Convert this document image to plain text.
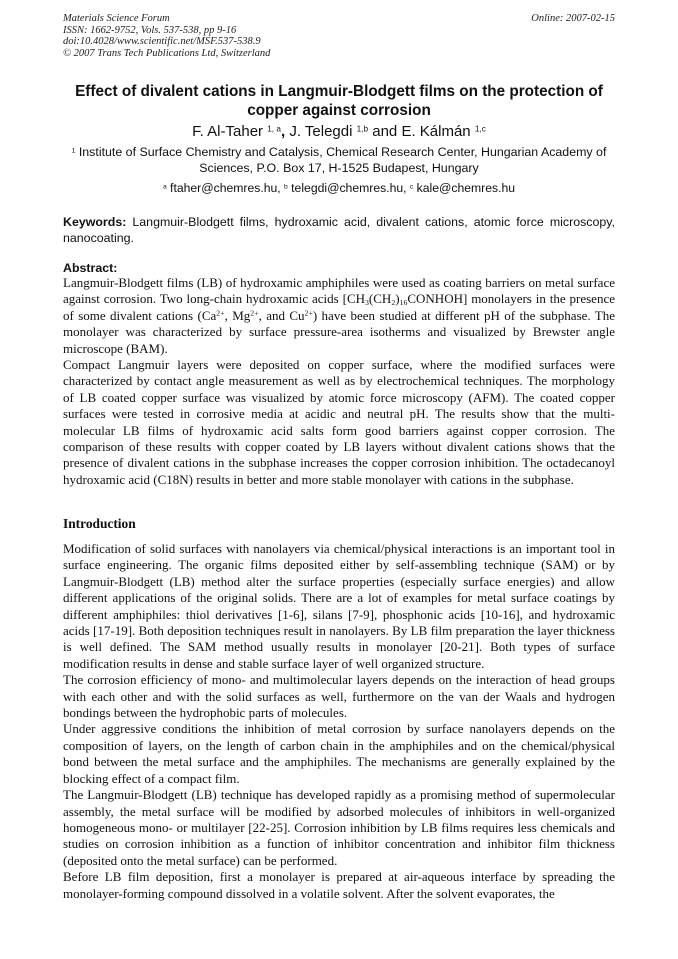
Materials Science Forum
ISSN: 1662-9752, Vols. 537-538, pp 9-16
doi:10.4028/www.scientific.net/MSF.537-538.9
© 2007 Trans Tech Publications Ltd, Switzerland
Online: 2007-02-15
Effect of divalent cations in Langmuir-Blodgett films on the protection of copper against corrosion
F. Al-Taher $^{1, a}$, J. Telegdi $^{1,b}$ and E. Kálmán $^{1,c}$
$^1$ Institute of Surface Chemistry and Catalysis, Chemical Research Center, Hungarian Academy of Sciences, P.O. Box 17, H-1525 Budapest, Hungary
$^a$ ftaher@chemres.hu, $^b$ telegdi@chemres.hu, $^c$ kale@chemres.hu
Keywords: Langmuir-Blodgett films, hydroxamic acid, divalent cations, atomic force microscopy, nanocoating.
Abstract:

Langmuir-Blodgett films (LB) of hydroxamic amphiphiles were used as coating barriers on metal surface against corrosion. Two long-chain hydroxamic acids $[CH_3(CH_2)_{16}CONHOH]$ monolayers in the presence of some divalent cations ($Ca^{2+}$, $Mg^{2+}$, and $Cu^{2+}$) have been studied at different pH of the subphase. The monolayer was characterized by surface pressure-area isotherms and visualized by Brewster angle microscope (BAM).

Compact Langmuir layers were deposited on copper surface, where the modified surfaces were characterized by contact angle measurement as well as by electrochemical techniques. The morphology of LB coated copper surface was visualized by atomic force microscopy (AFM). The coated copper surfaces were tested in corrosive media at acidic and neutral pH. The results show that the multi-molecular LB films of hydroxamic acid salts form good barriers against copper corrosion. The comparison of these results with copper coated by LB layers without divalent cations shows that the presence of divalent cations in the subphase increases the copper corrosion inhibition. The octadecanoyl hydroxamic acid (C18N) results in better and more stable monolayer with cations in the subphase.

Introduction

Modification of solid surfaces with nanolayers via chemical/physical interactions is an important tool in surface engineering. The organic films deposited either by self-assembling technique (SAM) or by Langmuir-Blodgett (LB) method alter the surface properties (especially surface energies) and allow different applications of the original solids. There are a lot of examples for metal surface coatings by different amphiphiles: thiol derivatives [1-6], silans [7-9], phosphonic acids [10-16], and hydroxamic acids [17-19]. Both deposition techniques result in nanolayers. By LB film preparation the layer thickness is well defined. The SAM method usually results in monolayer [20-21]. Both types of surface modification results in dense and stable surface layer of well organized structure.

The corrosion efficiency of mono- and multimolecular layers depends on the interaction of head groups with each other and with the solid surfaces as well, furthermore on the van der Waals and hydrogen bondings between the hydrophobic parts of molecules.

Under aggressive conditions the inhibition of metal corrosion by surface nanolayers depends on the composition of layers, on the length of carbon chain in the amphiphiles and on the chemical/physical bond between the metal surface and the amphiphiles. The mechanisms are generally explained by the blocking effect of a compact film.

The Langmuir-Blodgett (LB) technique has developed rapidly as a promising method of supermolecular assembly, the metal surface will be modified by adsorbed molecules of inhibitors in well-organized homogeneous mono- or multilayer [22-25]. Corrosion inhibition by LB films requires less chemicals and studies on corrosion inhibition as a function of inhibitor concentration and inhibitor film thickness (deposited onto the metal surface) can be performed.

Before LB film deposition, first a monolayer is prepared at air-aqueous interface by spreading the monolayer-forming compound dissolved in a volatile solvent. After the solvent evaporates, the
